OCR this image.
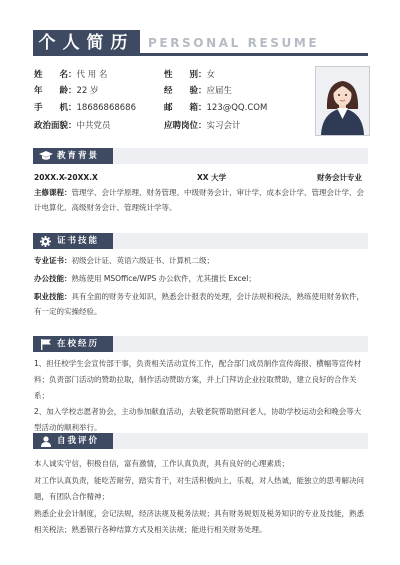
个人简历	PERSONAL RESUME
姓　　名：代 用 名	性　　别：女
年　　龄：22 岁	经　　验：应届生
手　　机：18686868686	邮　　箱：123@QQ.COM
政治面貌：中共党员	应聘岗位：实习会计
教育背景
20XX.X-20XX.X	XX 大学	财务会计专业
主修课程：管理学、会计学原理、财务管理、中级财务会计、审计学、成本会计学、管理会计学、会
计电算化、高级财务会计、管理统计学等。
证书技能
专业证书：初级会计证、英语六级证书、计算机二级；
办公技能：熟练使用 MSOffice/WPS 办公软件，尤其擅长 Excel；
职业技能：具有全面的财务专业知识，熟悉会计报表的处理，会计法规和税法，熟练使用财务软件，
有一定的实操经验。
在校经历
1、担任校学生会宣传部干事，负责相关活动宣传工作，配合部门成员制作宣传海报、横幅等宣传材
料；负责部门活动的赞助拉取，制作活动赞助方案，并上门拜访企业拉取赞助，建立良好的合作关系；
2、加入学校志愿者协会，主动参加献血活动，去敬老院帮助慰问老人，协助学校运动会和晚会等大
型活动的顺利举行。
自我评价
本人诚实守信，积极自信，富有激情，工作认真负责，具有良好的心理素质；
对工作认真负责，能吃苦耐劳，踏实肯干，对生活积极向上，乐观，对人热诚，能独立的思考解决问
题，有团队合作精神；
熟悉企业会计制度，会记法规，经济法规及税务法规；具有财务规划及税务知识的专业及技能，熟悉
相关税法；熟悉银行各种结算方式及相关法规；能进行相关财务处理。
